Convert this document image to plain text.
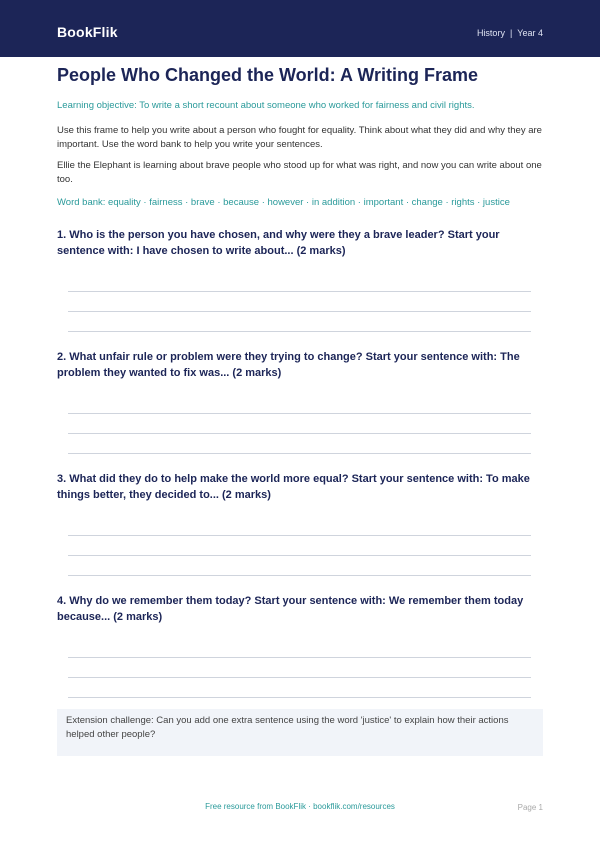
BookFlik	History | Year 4
People Who Changed the World: A Writing Frame
Learning objective: To write a short recount about someone who worked for fairness and civil rights.
Use this frame to help you write about a person who fought for equality. Think about what they did and why they are important. Use the word bank to help you write your sentences.
Ellie the Elephant is learning about brave people who stood up for what was right, and now you can write about one too.
Word bank: equality · fairness · brave · because · however · in addition · important · change · rights · justice
1. Who is the person you have chosen, and why were they a brave leader? Start your sentence with: I have chosen to write about... (2 marks)
2. What unfair rule or problem were they trying to change? Start your sentence with: The problem they wanted to fix was... (2 marks)
3. What did they do to help make the world more equal? Start your sentence with: To make things better, they decided to... (2 marks)
4. Why do we remember them today? Start your sentence with: We remember them today because... (2 marks)
Extension challenge: Can you add one extra sentence using the word 'justice' to explain how their actions helped other people?
Free resource from BookFlik · bookflik.com/resources	Page 1
